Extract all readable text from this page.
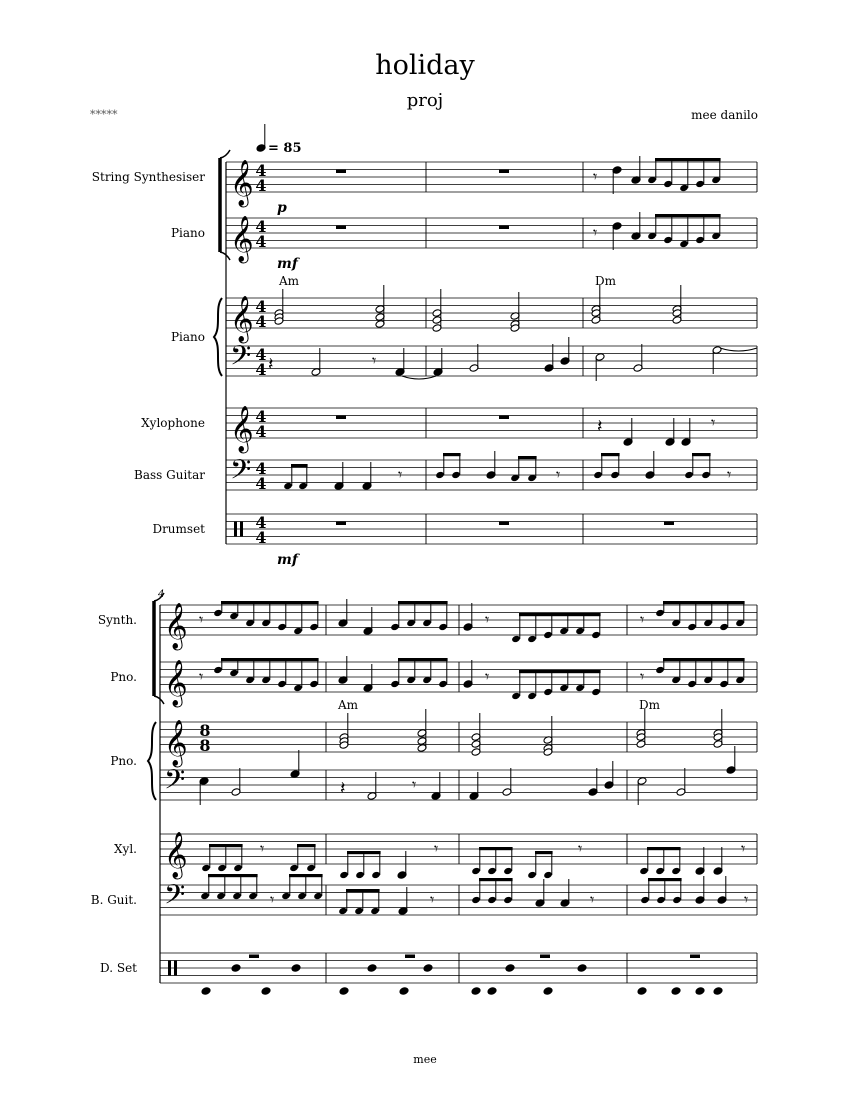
holiday
proj
mee danilo
*****
mee
𝄞 4
4
𝄞 4
4
𝄞 4
4
𝄢 4
4
𝄞 4
4
𝄢 4
4
4
4
String Synthesiser
p
Piano
mf
Piano
Xylophone
Bass Guitar
Drumset
mf
Am	Dm
= 85
𝄾
𝄾
𝄽	𝄾
𝄽	𝄾
𝄾	𝄾	𝄾
𝄞
𝄞
𝄞
𝄢
𝄞
𝄢
8
8
Synth.
Pno.
Pno.
Xyl.
B. Guit.
D. Set
4
Am	Dm
𝄾	𝄾	𝄾
𝄾	𝄾	𝄾
𝄽	𝄾
𝄾	𝄾	𝄾	𝄾
𝄾	𝄾	𝄾	𝄾
